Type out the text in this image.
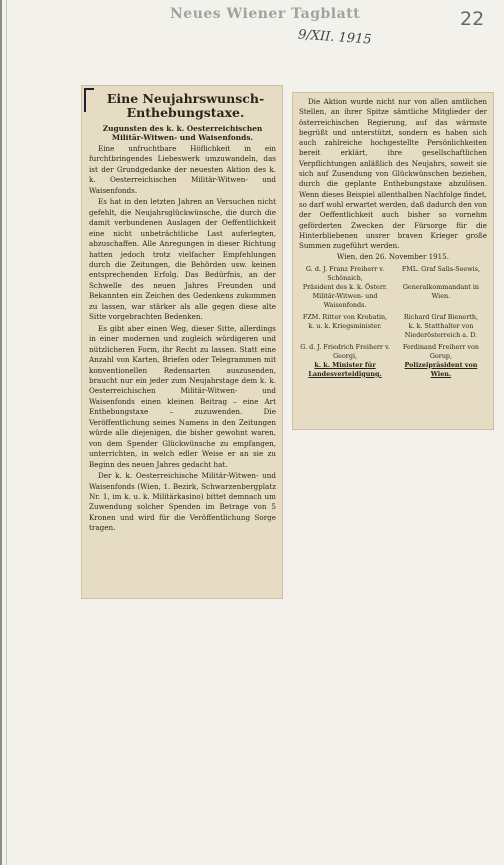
Neues Wiener Tagblatt
9/XII. 1915
22
Eine Neujahrswunsch-Enthebungstaxe.
Zugunsten des k. k. Oesterreichischen Militär-Witwen- und Waisenfonds.

Eine unfruchtbare Höflichkeit in ein furchtbringendes Liebeswerk umzuwandeln, das ist der Grundgedanke der neuesten Aktion des k. k. Oesterreichischen Militär-Witwen- und Waisenfonds.

Es hat in den letzten Jahren an Versuchen nicht gefehlt, die Neujahrsglückwünsche, die durch die damit verbundenen Auslagen der Oeffentlichkeit eine nicht unbeträchtliche Last auferlegten, abzuschaffen. Alle Anregungen in dieser Richtung hatten jedoch trotz vielfacher Empfehlungen durch die Zeitungen, die Behörden usw. keinen entsprechenden Erfolg. Das Bedürfnis, an der Schwelle des neuen Jahres Freunden und Bekannten ein Zeichen des Gedenkens zukommen zu lassen, war stärker als alle gegen diese alte Sitte vorgebrachten Bedenken.

Es gibt aber einen Weg, dieser Sitte, allerdings in einer modernen und zugleich würdigeren und nützlicheren Form, ihr Recht zu lassen. Statt eine Anzahl von Karten, Briefen oder Telegrammen mit konventionellen Redensarten auszusenden, braucht nur ein jeder zum Neujahrstage dem k. k. Oesterreichischen Militär-Witwen- und Waisenfonds einen kleinen Beitrag – eine Art Enthebungstaxe – zuzuwenden. Die Veröffentlichung seines Namens in den Zeitungen würde alle diejenigen, die bisher gewohnt waren, von dem Spender Glückwünsche zu empfangen, unterrichten, in welch edler Weise er an sie zu Beginn des neuen Jahres gedacht hat.

Der k. k. Oesterreichische Militär-Witwen- und Waisenfonds (Wien, 1. Bezirk, Schwarzenbergplatz Nr. 1, im k. u. k. Militärkasino) bittet demnach um Zuwendung solcher Spenden im Betrage von 5 Kronen und wird für die Veröffentlichung Sorge tragen.

Die Aktion wurde nicht nur von allen amtlichen Stellen, an ihrer Spitze sämtliche Mitglieder der österreichischen Regierung, auf das wärmste begrüßt und unterstützt, sondern es haben sich auch zahlreiche hochgestellte Persönlichkeiten bereit erklärt, ihre gesellschaftlichen Verpflichtungen anläßlich des Neujahrs, soweit sie sich auf Zusendung von Glückwünschen beziehen, durch die geplante Enthebungstaxe abzulösen. Wenn dieses Beispiel allenthalben Nachfolge findet, so darf wohl erwartet werden, daß dadurch den von der Oeffentlichkeit auch bisher so vornehm geförderten Zwecken der Fürsorge für die Hinterbliebenen unsrer braven Krieger große Summen zugeführt werden.

Wien, den 26. November 1915.
G. d. J. Franz Freiherr v. Schönaich,
FML. Graf Salis-Seewis,
Präsident des k. k. Österr. Militär-Witwen- und Waisenfonds.
Generalkommandant in Wien.
FZM. Ritter von Krobatin,	Richard Graf Bienerth,
k. u. k. Kriegsminister.	k. k. Statthalter von Niederösterreich a. D.
G. d. J. Friedrich Freiherr v. Georgi,
Ferdinand Freiherr von Gorup,
k. k. Minister für Landesverteidigung.
Polizeipräsident von Wien.
